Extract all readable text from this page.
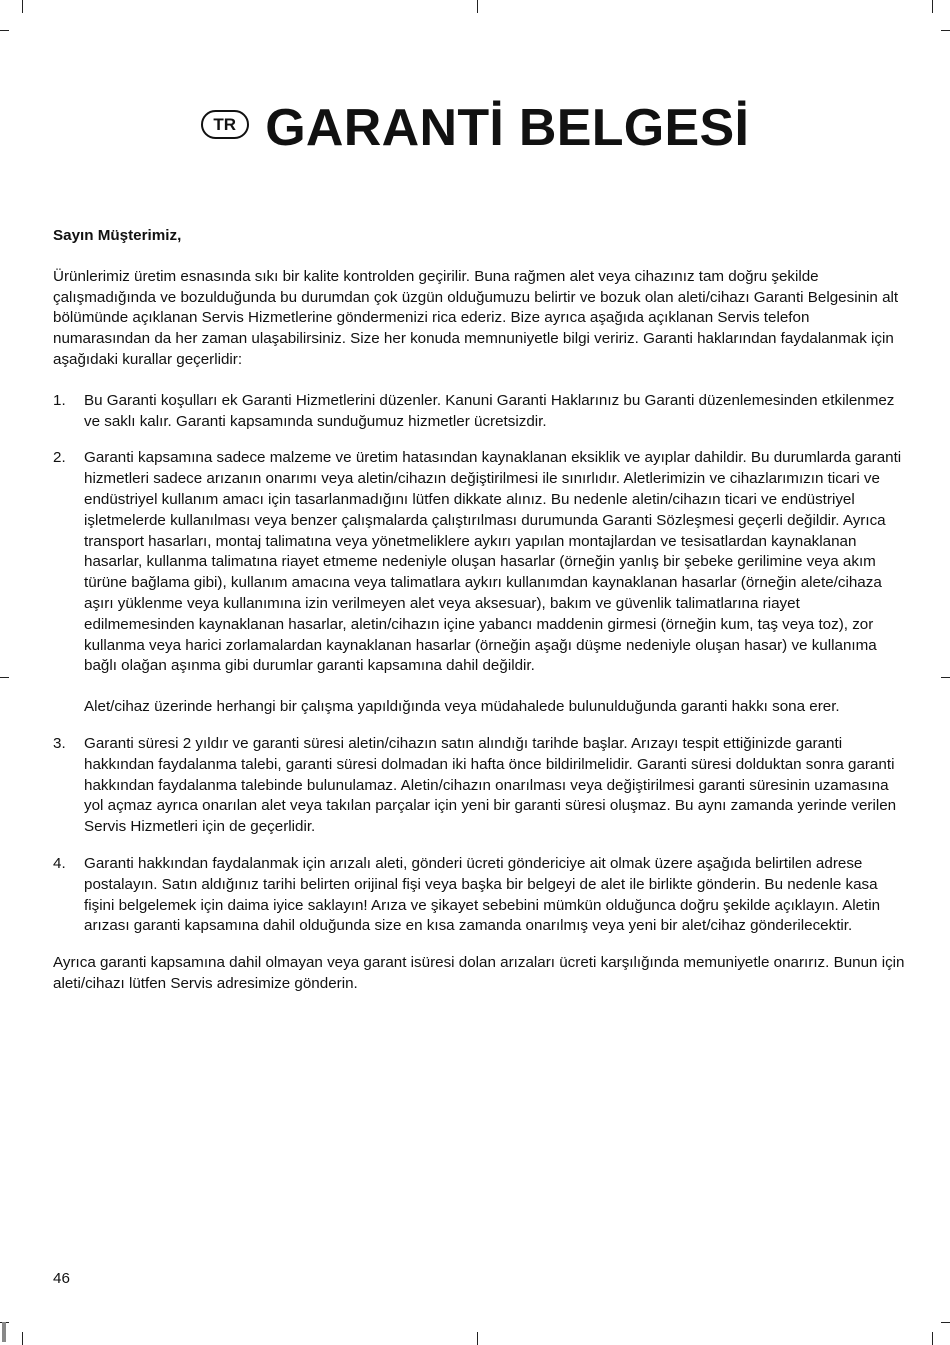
TR GARANTİ BELGESİ

Sayın Müşterimiz,

Ürünlerimiz üretim esnasında sıkı bir kalite kontrolden geçirilir. Buna rağmen alet veya cihazınız tam doğru şekilde çalışmadığında ve bozulduğunda bu durumdan çok üzgün olduğumuzu belirtir ve bozuk olan aleti/cihazı Garanti Belgesinin alt bölümünde açıklanan Servis Hizmetlerine göndermenizi rica ederiz. Bize ayrıca aşağıda açıklanan Servis telefon numarasından da her zaman ulaşabilirsiniz. Size her konuda memnuniyetle bilgi veririz. Garanti haklarından faydalanmak için aşağıdaki kurallar geçerlidir:

1.	Bu Garanti koşulları ek Garanti Hizmetlerini düzenler. Kanuni Garanti Haklarınız bu Garanti düzenlemesinden etkilenmez ve saklı kalır. Garanti kapsamında sunduğumuz hizmetler ücretsizdir.
2.	Garanti kapsamına sadece malzeme ve üretim hatasından kaynaklanan eksiklik ve ayıplar dahildir. Bu durumlarda garanti hizmetleri sadece arızanın onarımı veya aletin/cihazın değiştirilmesi ile sınırlıdır. Aletlerimizin ve cihazlarımızın ticari ve endüstriyel kullanım amacı için tasarlanmadığını lütfen dikkate alınız. Bu nedenle aletin/cihazın ticari ve endüstriyel işletmelerde kullanılması veya benzer çalışmalarda çalıştırılması durumunda Garanti Sözleşmesi geçerli değildir. Ayrıca transport hasarları, montaj talimatına veya yönetmeliklere aykırı yapılan montajlardan ve tesisatlardan kaynaklanan hasarlar, kullanma talimatına riayet etmeme nedeniyle oluşan hasarlar (örneğin yanlış bir şebeke gerilimine veya akım türüne bağlama gibi), kullanım amacına veya talimatlara aykırı kullanımdan kaynaklanan hasarlar (örneğin alete/cihaza aşırı yüklenme veya kullanımına izin verilmeyen alet veya aksesuar), bakım ve güvenlik talimatlarına riayet edilmemesinden kaynaklanan hasarlar, aletin/cihazın içine yabancı maddenin girmesi (örneğin kum, taş veya toz), zor kullanma veya harici zorlamalardan kaynaklanan hasarlar (örneğin aşağı düşme nedeniyle oluşan hasar) ve kullanıma bağlı olağan aşınma gibi durumlar garanti kapsamına dahil değildir.
Alet/cihaz üzerinde herhangi bir çalışma yapıldığında veya müdahalede bulunulduğunda garanti hakkı sona erer.
3.	Garanti süresi 2 yıldır ve garanti süresi aletin/cihazın satın alındığı tarihde başlar. Arızayı tespit ettiğinizde garanti hakkından faydalanma talebi, garanti süresi dolmadan iki hafta önce bildirilmelidir. Garanti süresi dolduktan sonra garanti hakkından faydalanma talebinde bulunulamaz. Aletin/cihazın onarılması veya değiştirilmesi garanti süresinin uzamasına yol açmaz ayrıca onarılan alet veya takılan parçalar için yeni bir garanti süresi oluşmaz. Bu aynı zamanda yerinde verilen Servis Hizmetleri için de geçerlidir.
4.	Garanti hakkından faydalanmak için arızalı aleti, gönderi ücreti göndericiye ait olmak üzere aşağıda belirtilen adrese postalayın. Satın aldığınız tarihi belirten orijinal fişi veya başka bir belgeyi de alet ile birlikte gönderin. Bu nedenle kasa fişini belgelemek için daima iyice saklayın! Arıza ve şikayet sebebini mümkün olduğunca doğru şekilde açıklayın. Aletin arızası garanti kapsamına dahil olduğunda size en kısa zamanda onarılmış veya yeni bir alet/cihaz gönderilecektir.

Ayrıca garanti kapsamına dahil olmayan veya garant isüresi dolan arızaları ücreti karşılığında memuniyetle onarırız. Bunun için aleti/cihazı lütfen Servis adresimize gönderin.

46
